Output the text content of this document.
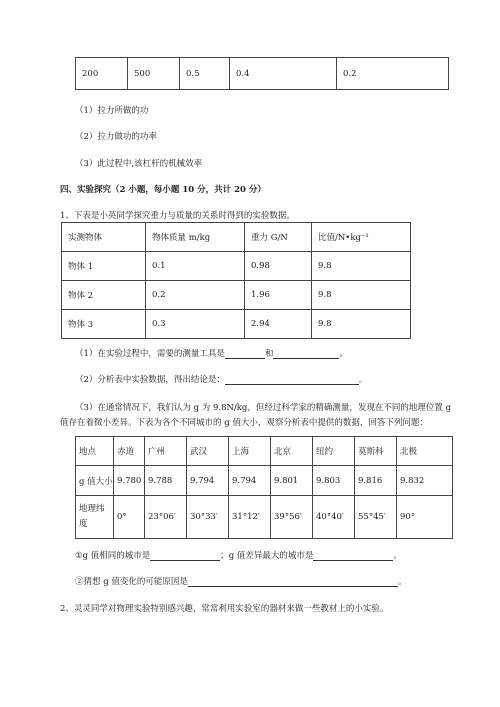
200	500	0.5	0.4	0.2
（1）拉力所做的功
（2）拉力做功的功率
（3）此过程中,该杠杆的机械效率
四、实验探究（2 小题，每小题 10 分，共计 20 分）
1、下表是小英同学探究重力与质量的关系时得到的实验数据。
实测物体	物体质量 m/kg	重力 G/N	比值/N•kg⁻¹
物体 1	0.1	0.98	9.8
物体 2	0.2	1.96	9.8
物体 3	0.3	2.94	9.8
（1）在实验过程中，需要的测量工具是	和	。
（2）分析表中实验数据，得出结论是：	。
（3）在通常情况下，我们认为 g 为 9.8N/kg，但经过科学家的精确测量，发现在不同的地理位置 g
值存在着微小差异。下表为各个不同城市的 g 值大小，观察分析表中提供的数据，回答下列问题：
地点	赤道	广州	武汉	上海	北京	纽约	莫斯科	北极
g 值大小	9.780	9.788	9.794	9.794	9.801	9.803	9.816	9.832

地理纬度	0°	23°06′	30°33′	31°12′	39°56′	40°40′	55°45′	90°
①g 值相同的城市是	；g 值差异最大的城市是	。
②猜想 g 值变化的可能原因是	。
2、灵灵同学对物理实验特别感兴趣，常常利用实验室的器材来做一些教材上的小实验。
